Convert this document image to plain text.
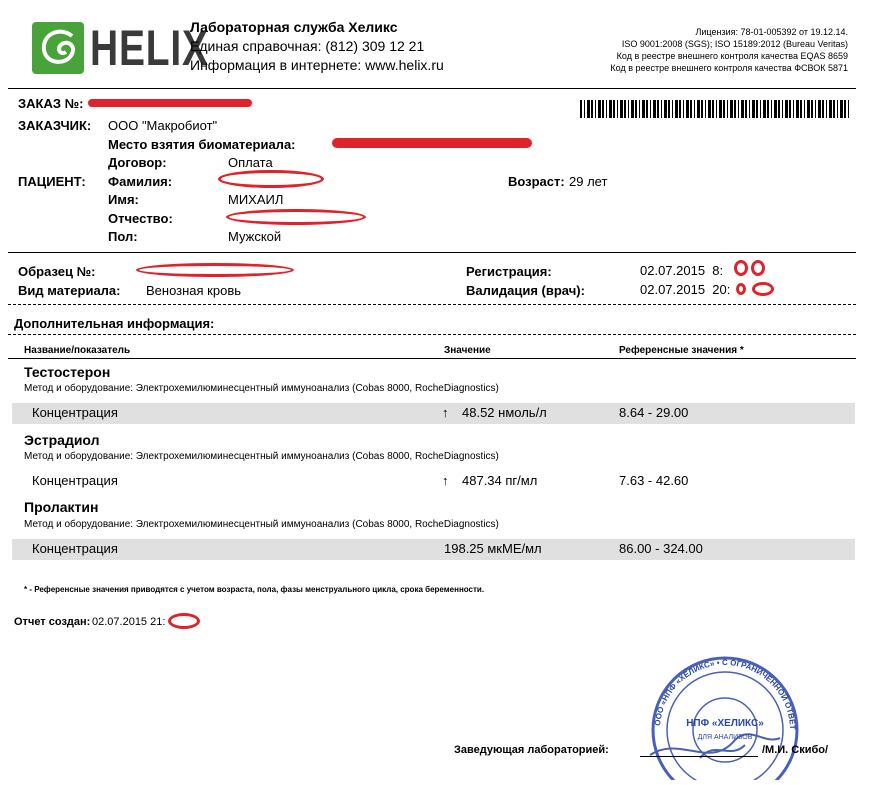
HELIX
Лабораторная служба Хеликс
Единая справочная: (812) 309 12 21
Информация в интернете: www.helix.ru
Лицензия: 78-01-005392 от 19.12.14.
ISO 9001:2008 (SGS); ISO 15189:2012 (Bureau Veritas)
Код в реестре внешнего контроля качества EQAS 8659
Код в реестре внешнего контроля качества ФСВОК 5871
ЗАКАЗ №:
ЗАКАЗЧИК: ООО "Макробиот"
Место взятия биоматериала:
Договор:	Оплата
ПАЦИЕНТ: Фамилия:	Возраст: 29 лет
Имя:	МИХАИЛ
Отчество:
Пол:	Мужской
Образец №:	Регистрация:	02.07.2015  8:
Вид материала: Венозная кровь	Валидация (врач):	02.07.2015  20:
Дополнительная информация:
Название/показатель	Значение	Референсные значения *
Тестостерон
Метод и оборудование: Электрохемилюминесцентный иммуноанализ (Cobas 8000, RocheDiagnostics)
Концентрация	↑ 48.52 нмоль/л	8.64 - 29.00
Эстрадиол
Метод и оборудование: Электрохемилюминесцентный иммуноанализ (Cobas 8000, RocheDiagnostics)
Концентрация	↑ 487.34 пг/мл	7.63 - 42.60
Пролактин
Метод и оборудование: Электрохемилюминесцентный иммуноанализ (Cobas 8000, RocheDiagnostics)
Концентрация	198.25 мкМЕ/мл	86.00 - 324.00
* - Референсные значения приводятся с учетом возраста, пола, фазы менструального цикла, срока беременности.
Отчет создан: 02.07.2015 21:
ООО «НПФ «ХЕЛИКС» • С ОГРАНИЧЕННОЙ ОТВЕТ
НПФ «ХЕЛИКС»
ДЛЯ АНАЛИЗОВ
Заведующая лабораторией:	/М.И. Скибо/
